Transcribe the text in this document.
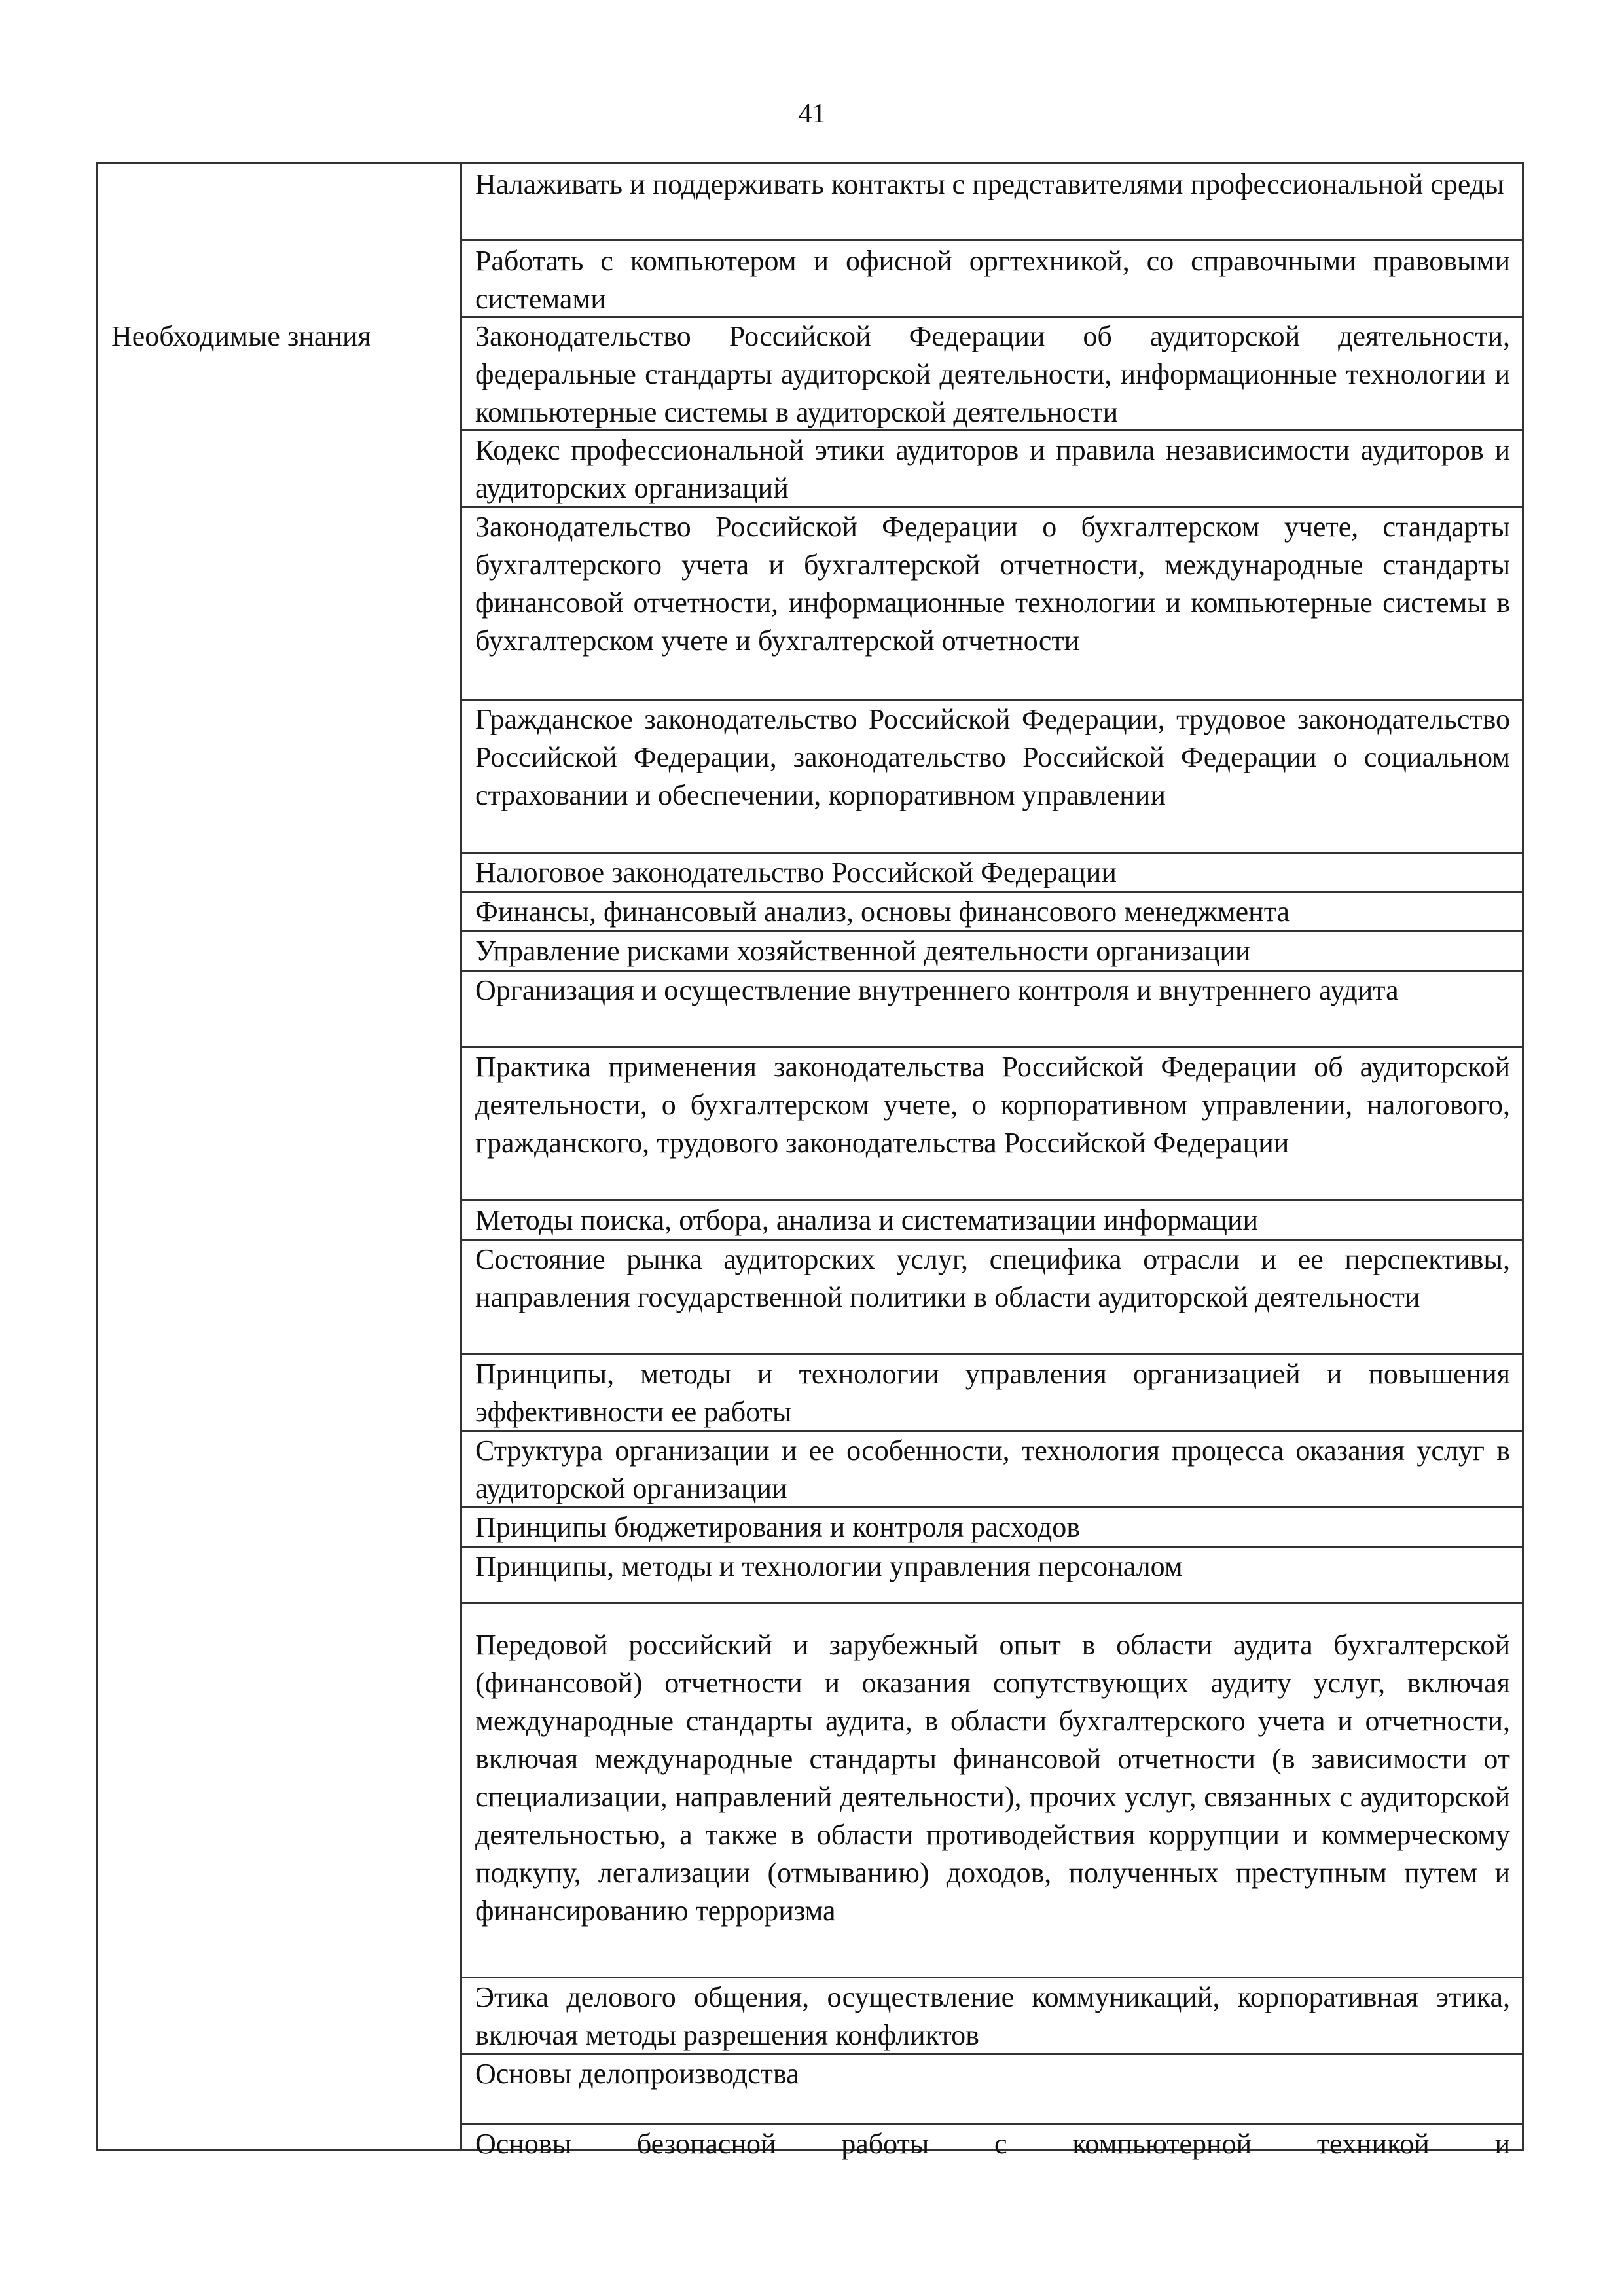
41
Необходимые знания

Налаживать и поддерживать контакты с представителями профессиональной среды

Работать с компьютером и офисной оргтехникой, со справочными правовыми системами

Законодательство Российской Федерации об аудиторской деятельности, федеральные стандарты аудиторской деятельности, информационные технологии и компьютерные системы в аудиторской деятельности

Кодекс профессиональной этики аудиторов и правила независимости аудиторов и аудиторских организаций

Законодательство Российской Федерации о бухгалтерском учете, стандарты бухгалтерского учета и бухгалтерской отчетности, международные стандарты финансовой отчетности, информационные технологии и компьютерные системы в бухгалтерском учете и бухгалтерской отчетности

Гражданское законодательство Российской Федерации, трудовое законодательство Российской Федерации, законодательство Российской Федерации о социальном страховании и обеспечении, корпоративном управлении

Налоговое законодательство Российской Федерации

Финансы, финансовый анализ, основы финансового менеджмента

Управление рисками хозяйственной деятельности организации

Организация и осуществление внутреннего контроля и внутреннего аудита

Практика применения законодательства Российской Федерации об аудиторской деятельности, о бухгалтерском учете, о корпоративном управлении, налогового, гражданского, трудового законодательства Российской Федерации

Методы поиска, отбора, анализа и систематизации информации

Состояние рынка аудиторских услуг, специфика отрасли и ее перспективы, направления государственной политики в области аудиторской деятельности

Принципы, методы и технологии управления организацией и повышения эффективности ее работы

Структура организации и ее особенности, технология процесса оказания услуг в аудиторской организации

Принципы бюджетирования и контроля расходов

Принципы, методы и технологии управления персоналом

Передовой российский и зарубежный опыт в области аудита бухгалтерской (финансовой) отчетности и оказания сопутствующих аудиту услуг, включая международные стандарты аудита, в области бухгалтерского учета и отчетности, включая международные стандарты финансовой отчетности (в зависимости от специализации, направлений деятельности), прочих услуг, связанных с аудиторской деятельностью, а также в области противодействия коррупции и коммерческому подкупу, легализации (отмыванию) доходов, полученных преступным путем и финансированию терроризма

Этика делового общения, осуществление коммуникаций, корпоративная этика, включая методы разрешения конфликтов

Основы делопроизводства

Основы безопасной работы с компьютерной техникой и
